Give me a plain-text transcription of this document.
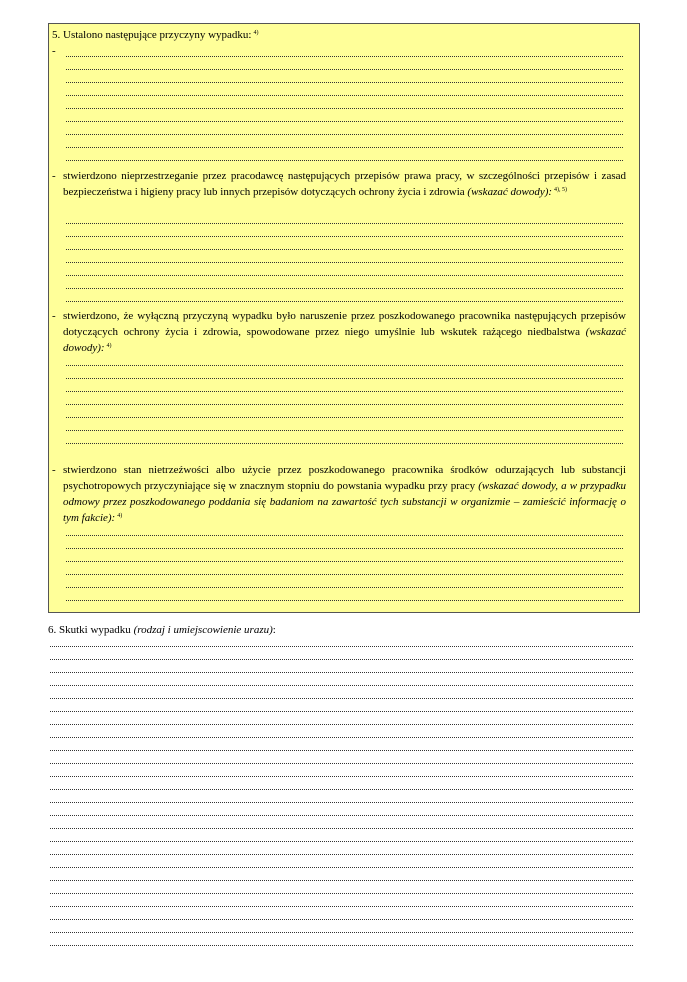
5. Ustalono następujące przyczyny wypadku: $^{4)}$
-
- stwierdzono nieprzestrzeganie przez pracodawcę następujących przepisów prawa pracy, w szczególności przepisów i zasad bezpieczeństwa i higieny pracy lub innych przepisów dotyczących ochrony życia i zdrowia (wskazać dowody): $^{4), 5)}$
- stwierdzono, że wyłączną przyczyną wypadku było naruszenie przez poszkodowanego pracownika następujących przepisów dotyczących ochrony życia i zdrowia, spowodowane przez niego umyślnie lub wskutek rażącego niedbalstwa (wskazać dowody): $^{4)}$
- stwierdzono stan nietrzeźwości albo użycie przez poszkodowanego pracownika środków odurzających lub substancji psychotropowych przyczyniające się w znacznym stopniu do powstania wypadku przy pracy (wskazać dowody, a w przypadku odmowy przez poszkodowanego poddania się badaniom na zawartość tych substancji w organizmie – zamieścić informację o tym fakcie): $^{4)}$
6. Skutki wypadku (rodzaj i umiejscowienie urazu):
